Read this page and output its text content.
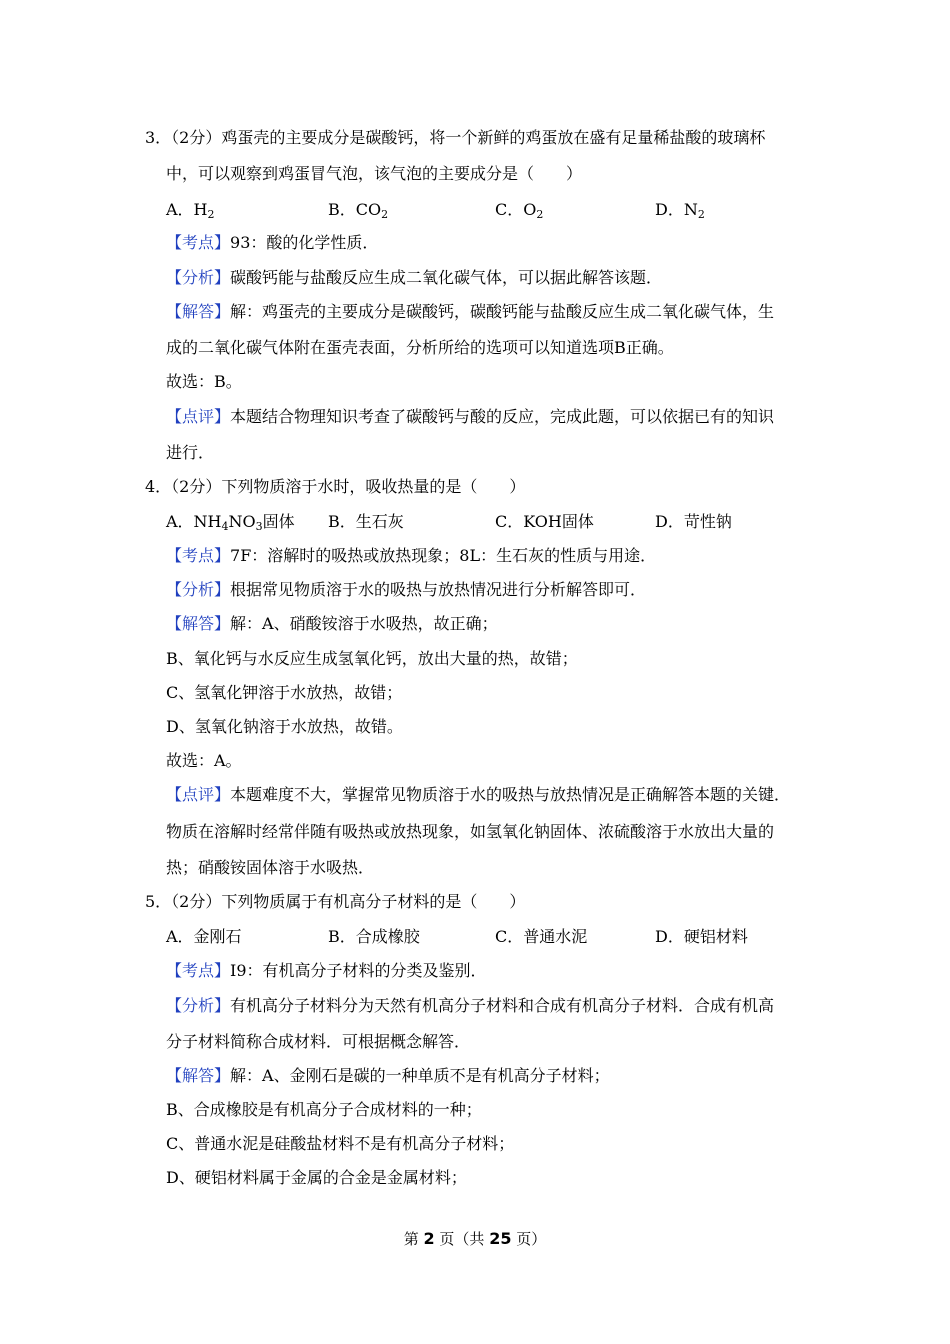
3．（2分）鸡蛋壳的主要成分是碳酸钙，将一个新鲜的鸡蛋放在盛有足量稀盐酸的玻璃杯
中，可以观察到鸡蛋冒气泡，该气泡的主要成分是（　　）
A．$H_2$	B．$CO_2$	C．$O_2$	D．$N_2$
【考点】93：酸的化学性质．
【分析】碳酸钙能与盐酸反应生成二氧化碳气体，可以据此解答该题．
【解答】解：鸡蛋壳的主要成分是碳酸钙，碳酸钙能与盐酸反应生成二氧化碳气体，生
成的二氧化碳气体附在蛋壳表面，分析所给的选项可以知道选项B正确。
故选：B。
【点评】本题结合物理知识考查了碳酸钙与酸的反应，完成此题，可以依据已有的知识
进行．
4．（2分）下列物质溶于水时，吸收热量的是（　　）
A．$NH_4NO_3$固体 B．生石灰	C．KOH固体	D．苛性钠
【考点】7F：溶解时的吸热或放热现象；8L：生石灰的性质与用途．
【分析】根据常见物质溶于水的吸热与放热情况进行分析解答即可．
【解答】解：A、硝酸铵溶于水吸热，故正确；
B、氧化钙与水反应生成氢氧化钙，放出大量的热，故错；
C、氢氧化钾溶于水放热，故错；
D、氢氧化钠溶于水放热，故错。
故选：A。
【点评】本题难度不大，掌握常见物质溶于水的吸热与放热情况是正确解答本题的关键．
物质在溶解时经常伴随有吸热或放热现象，如氢氧化钠固体、浓硫酸溶于水放出大量的
热；硝酸铵固体溶于水吸热．
5．（2分）下列物质属于有机高分子材料的是（　　）
A．金刚石	B．合成橡胶	C．普通水泥	D．硬铝材料
【考点】I9：有机高分子材料的分类及鉴别．
【分析】有机高分子材料分为天然有机高分子材料和合成有机高分子材料．合成有机高
分子材料简称合成材料．可根据概念解答．
【解答】解：A、金刚石是碳的一种单质不是有机高分子材料；
B、合成橡胶是有机高分子合成材料的一种；
C、普通水泥是硅酸盐材料不是有机高分子材料；
D、硬铝材料属于金属的合金是金属材料；
第 2 页（共 25 页）
